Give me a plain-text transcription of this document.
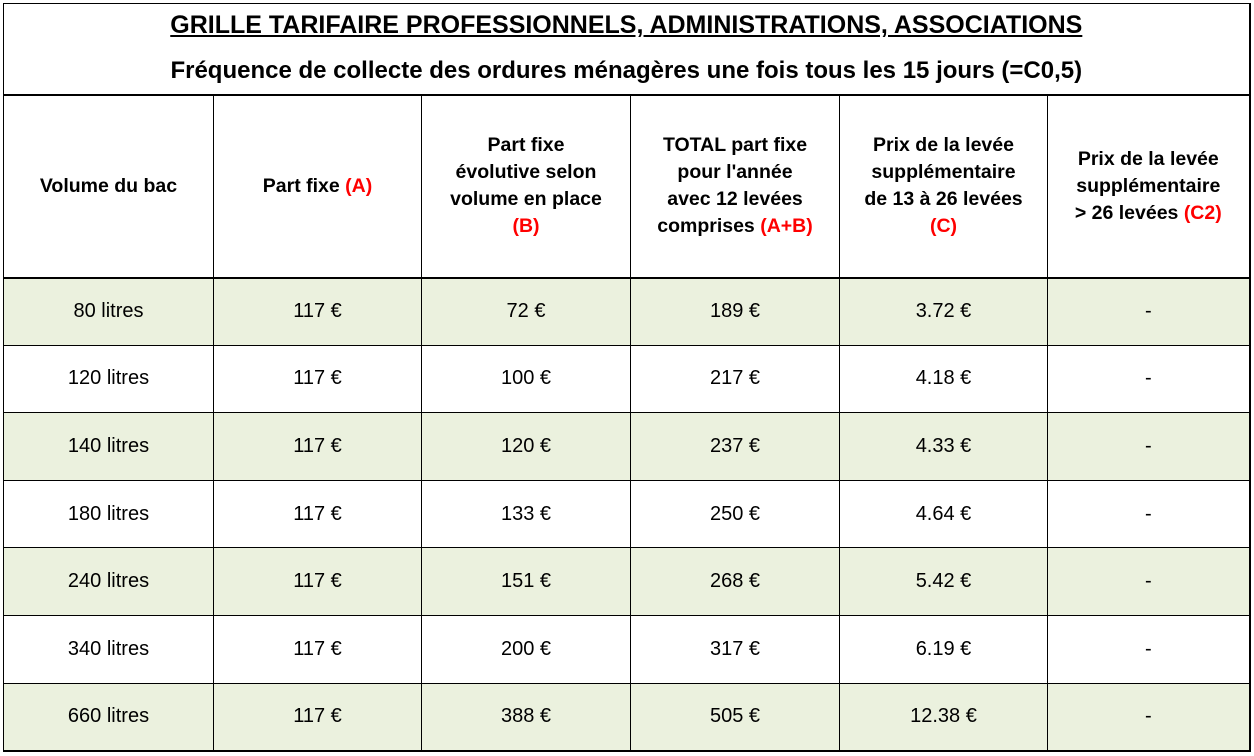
GRILLE TARIFAIRE PROFESSIONNELS, ADMINISTRATIONS, ASSOCIATIONS					
Fréquence de collecte des ordures ménagères une fois tous les 15 jours (=C0,5)					
Volume du bac	Part fixe (A)	Part fixe
évolutive selon
volume en place
(B)	TOTAL part fixe
pour l'année
avec 12 levées
comprises (A+B)	Prix de la levée
supplémentaire
de 13 à 26 levées
(C)	Prix de la levée
supplémentaire
> 26 levées (C2)
80 litres	117 €	72 €	189 €	3.72 €	-
120 litres	117 €	100 €	217 €	4.18 €	-
140 litres	117 €	120 €	237 €	4.33 €	-
180 litres	117 €	133 €	250 €	4.64 €	-
240 litres	117 €	151 €	268 €	5.42 €	-
340 litres	117 €	200 €	317 €	6.19 €	-
660 litres	117 €	388 €	505 €	12.38 €	-
